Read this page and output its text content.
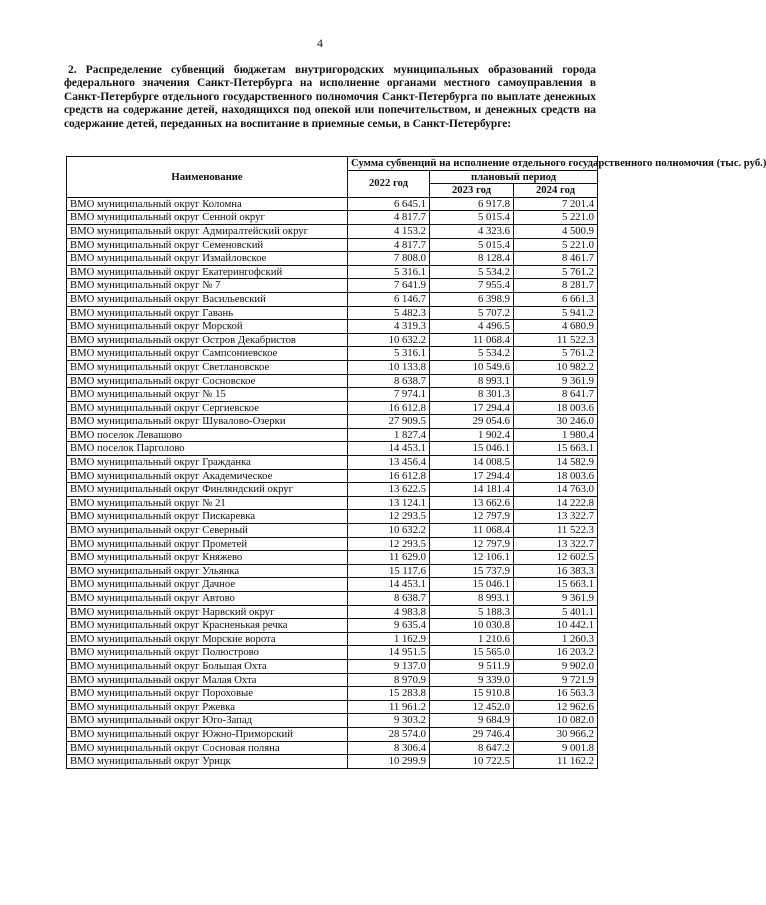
4
2. Распределение субвенций бюджетам внутригородских муниципальных образований города федерального значения Санкт-Петербурга на исполнение органами местного самоуправления в Санкт-Петербурге отдельного государственного полномочия Санкт-Петербурга по выплате денежных средств на содержание детей, находящихся под опекой или попечительством, и денежных средств на содержание детей, переданных на воспитание в приемные семьи, в Санкт-Петербурге:
Наименование	Сумма субвенций на исполнение отдельного государственного полномочия (тыс. руб.)		
	2022 год	плановый период	
		2023 год	2024 год
ВМО муниципальный округ Коломна	6 645.1	6 917.8	7 201.4
ВМО муниципальный округ Сенной округ	4 817.7	5 015.4	5 221.0
ВМО муниципальный округ Адмиралтейский округ	4 153.2	4 323.6	4 500.9
ВМО муниципальный округ Семеновский	4 817.7	5 015.4	5 221.0
ВМО муниципальный округ Измайловское	7 808.0	8 128.4	8 461.7
ВМО муниципальный округ Екатерингофский	5 316.1	5 534.2	5 761.2
ВМО муниципальный округ № 7	7 641.9	7 955.4	8 281.7
ВМО муниципальный округ Васильевский	6 146.7	6 398.9	6 661.3
ВМО муниципальный округ Гавань	5 482.3	5 707.2	5 941.2
ВМО муниципальный округ Морской	4 319.3	4 496.5	4 680.9
ВМО муниципальный округ Остров Декабристов	10 632.2	11 068.4	11 522.3
ВМО муниципальный округ Сампсониевское	5 316.1	5 534.2	5 761.2
ВМО муниципальный округ Светлановское	10 133.8	10 549.6	10 982.2
ВМО муниципальный округ Сосновское	8 638.7	8 993.1	9 361.9
ВМО муниципальный округ № 15	7 974.1	8 301.3	8 641.7
ВМО муниципальный округ Сергиевское	16 612.8	17 294.4	18 003.6
ВМО муниципальный округ Шувалово-Озерки	27 909.5	29 054.6	30 246.0
ВМО поселок Левашово	1 827.4	1 902.4	1 980.4
ВМО поселок Парголово	14 453.1	15 046.1	15 663.1
ВМО муниципальный округ Гражданка	13 456.4	14 008.5	14 582.9
ВМО муниципальный округ Академическое	16 612.8	17 294.4	18 003.6
ВМО муниципальный округ Финляндский округ	13 622.5	14 181.4	14 763.0
ВМО муниципальный округ № 21	13 124.1	13 662.6	14 222.8
ВМО муниципальный округ Пискаревка	12 293.5	12 797.9	13 322.7
ВМО муниципальный округ Северный	10 632.2	11 068.4	11 522.3
ВМО муниципальный округ Прометей	12 293.5	12 797.9	13 322.7
ВМО муниципальный округ Княжево	11 629.0	12 106.1	12 602.5
ВМО муниципальный округ Ульянка	15 117.6	15 737.9	16 383.3
ВМО муниципальный округ Дачное	14 453.1	15 046.1	15 663.1
ВМО муниципальный округ Автово	8 638.7	8 993.1	9 361.9
ВМО муниципальный округ Нарвский округ	4 983.8	5 188.3	5 401.1
ВМО муниципальный округ Красненькая речка	9 635.4	10 030.8	10 442.1
ВМО муниципальный округ Морские ворота	1 162.9	1 210.6	1 260.3
ВМО муниципальный округ Полюстрово	14 951.5	15 565.0	16 203.2
ВМО муниципальный округ Большая Охта	9 137.0	9 511.9	9 902.0
ВМО муниципальный округ Малая Охта	8 970.9	9 339.0	9 721.9
ВМО муниципальный округ Пороховые	15 283.8	15 910.8	16 563.3
ВМО муниципальный округ Ржевка	11 961.2	12 452.0	12 962.6
ВМО муниципальный округ Юго-Запад	9 303.2	9 684.9	10 082.0
ВМО муниципальный округ Южно-Приморский	28 574.0	29 746.4	30 966.2
ВМО муниципальный округ Сосновая поляна	8 306.4	8 647.2	9 001.8
ВМО муниципальный округ Урицк	10 299.9	10 722.5	11 162.2
